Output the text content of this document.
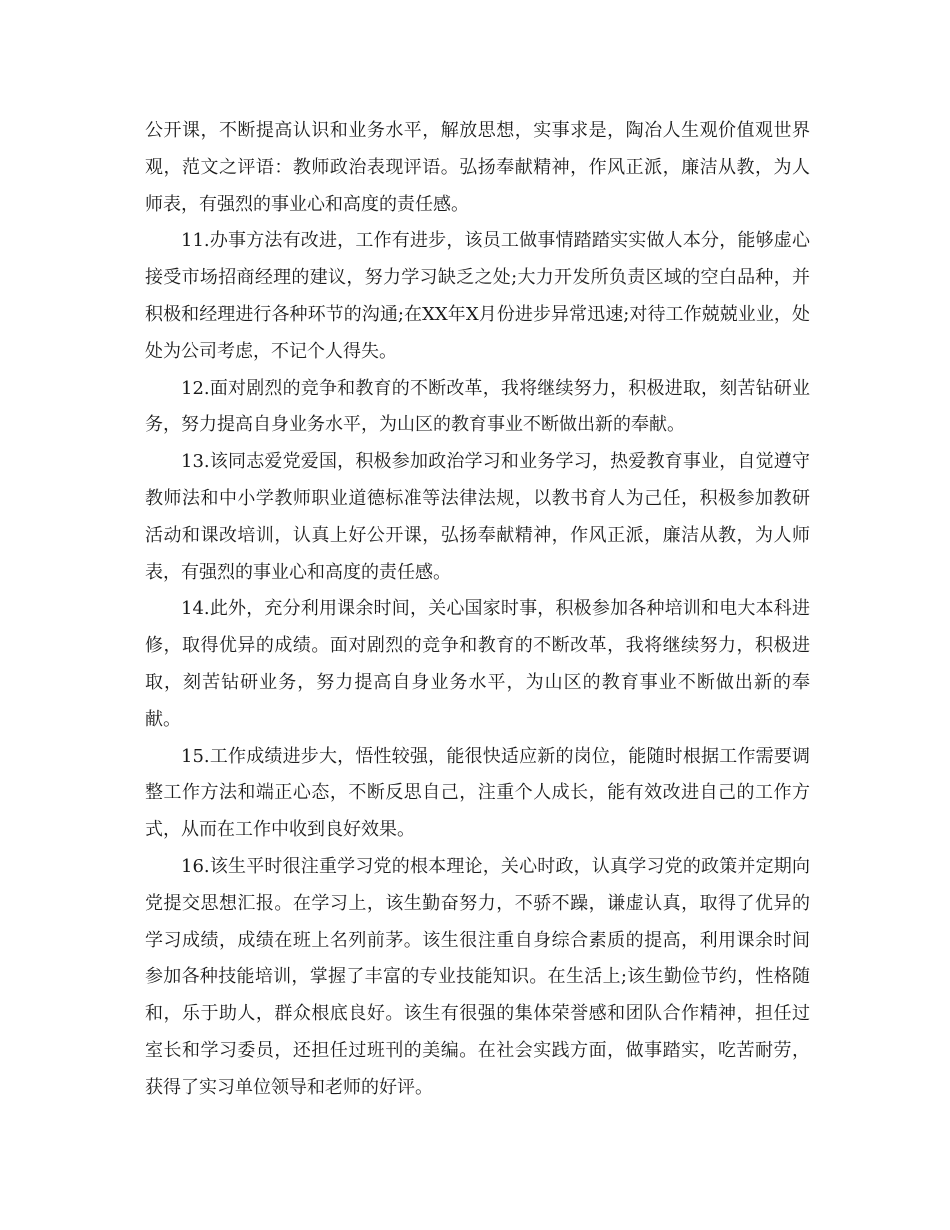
公开课，不断提高认识和业务水平，解放思想，实事求是，陶冶人生观价值观世界观，范文之评语：教师政治表现评语。弘扬奉献精神，作风正派，廉洁从教，为人师表，有强烈的事业心和高度的责任感。

11.办事方法有改进，工作有进步，该员工做事情踏踏实实做人本分，能够虚心接受市场招商经理的建议，努力学习缺乏之处;大力开发所负责区域的空白品种，并积极和经理进行各种环节的沟通;在XX年X月份进步异常迅速;对待工作兢兢业业，处处为公司考虑，不记个人得失。

12.面对剧烈的竞争和教育的不断改革，我将继续努力，积极进取，刻苦钻研业务，努力提高自身业务水平，为山区的教育事业不断做出新的奉献。

13.该同志爱党爱国，积极参加政治学习和业务学习，热爱教育事业，自觉遵守教师法和中小学教师职业道德标准等法律法规，以教书育人为己任，积极参加教研活动和课改培训，认真上好公开课，弘扬奉献精神，作风正派，廉洁从教，为人师表，有强烈的事业心和高度的责任感。

14.此外，充分利用课余时间，关心国家时事，积极参加各种培训和电大本科进修，取得优异的成绩。面对剧烈的竞争和教育的不断改革，我将继续努力，积极进取，刻苦钻研业务，努力提高自身业务水平，为山区的教育事业不断做出新的奉献。

15.工作成绩进步大，悟性较强，能很快适应新的岗位，能随时根据工作需要调整工作方法和端正心态，不断反思自己，注重个人成长，能有效改进自己的工作方式，从而在工作中收到良好效果。

16.该生平时很注重学习党的根本理论，关心时政，认真学习党的政策并定期向党提交思想汇报。在学习上，该生勤奋努力，不骄不躁，谦虚认真，取得了优异的学习成绩，成绩在班上名列前茅。该生很注重自身综合素质的提高，利用课余时间参加各种技能培训，掌握了丰富的专业技能知识。在生活上;该生勤俭节约，性格随和，乐于助人，群众根底良好。该生有很强的集体荣誉感和团队合作精神，担任过室长和学习委员，还担任过班刊的美编。在社会实践方面，做事踏实，吃苦耐劳，获得了实习单位领导和老师的好评。
